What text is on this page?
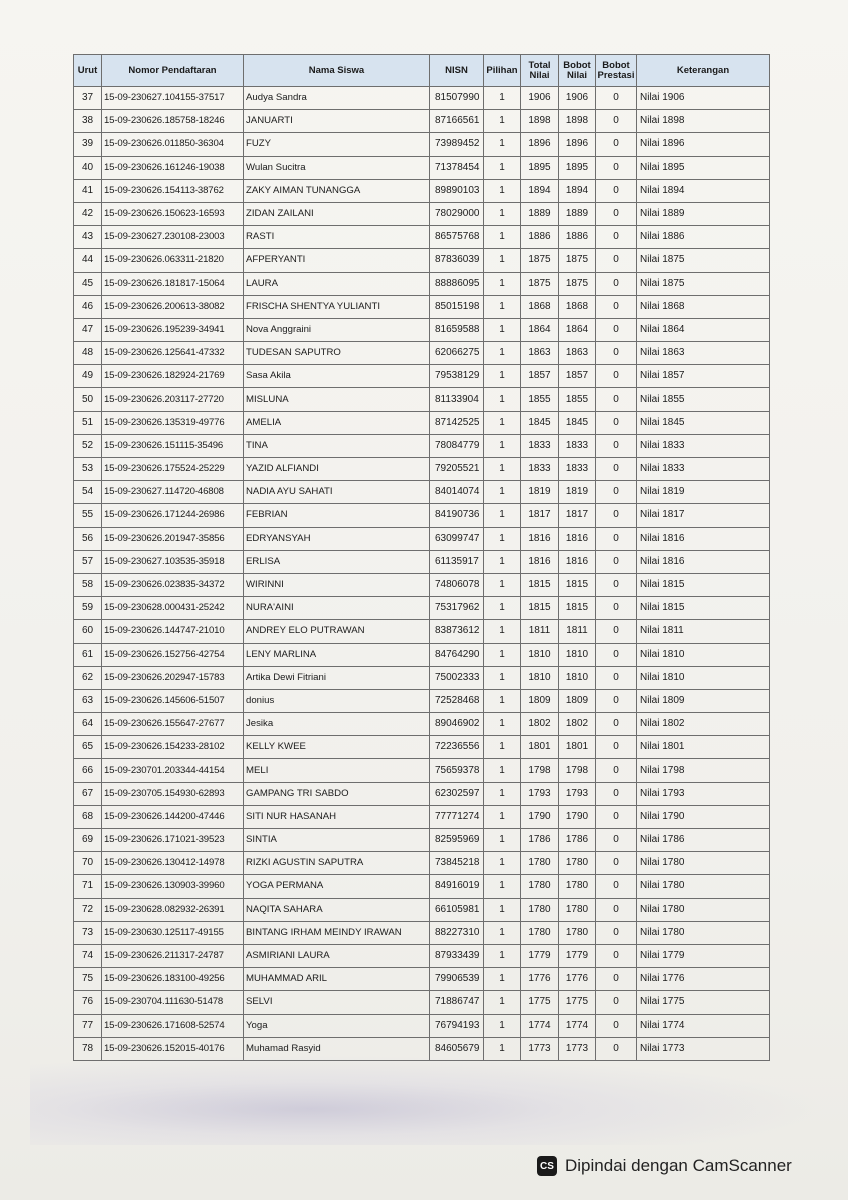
Urut	Nomor Pendaftaran	Nama Siswa	NISN	Pilihan	Total Nilai	Bobot Nilai	Bobot Prestasi	Keterangan
37	15-09-230627.104155-37517	Audya Sandra	81507990	1	1906	1906	0	Nilai 1906
38	15-09-230626.185758-18246	JANUARTI	87166561	1	1898	1898	0	Nilai 1898
39	15-09-230626.011850-36304	FUZY	73989452	1	1896	1896	0	Nilai 1896
40	15-09-230626.161246-19038	Wulan Sucitra	71378454	1	1895	1895	0	Nilai 1895
41	15-09-230626.154113-38762	ZAKY AIMAN TUNANGGA	89890103	1	1894	1894	0	Nilai 1894
42	15-09-230626.150623-16593	ZIDAN ZAILANI	78029000	1	1889	1889	0	Nilai 1889
43	15-09-230627.230108-23003	RASTI	86575768	1	1886	1886	0	Nilai 1886
44	15-09-230626.063311-21820	AFPERYANTI	87836039	1	1875	1875	0	Nilai 1875
45	15-09-230626.181817-15064	LAURA	88886095	1	1875	1875	0	Nilai 1875
46	15-09-230626.200613-38082	FRISCHA SHENTYA YULIANTI	85015198	1	1868	1868	0	Nilai 1868
47	15-09-230626.195239-34941	Nova Anggraini	81659588	1	1864	1864	0	Nilai 1864
48	15-09-230626.125641-47332	TUDESAN SAPUTRO	62066275	1	1863	1863	0	Nilai 1863
49	15-09-230626.182924-21769	Sasa Akila	79538129	1	1857	1857	0	Nilai 1857
50	15-09-230626.203117-27720	MISLUNA	81133904	1	1855	1855	0	Nilai 1855
51	15-09-230626.135319-49776	AMELIA	87142525	1	1845	1845	0	Nilai 1845
52	15-09-230626.151115-35496	TINA	78084779	1	1833	1833	0	Nilai 1833
53	15-09-230626.175524-25229	YAZID ALFIANDI	79205521	1	1833	1833	0	Nilai 1833
54	15-09-230627.114720-46808	NADIA AYU SAHATI	84014074	1	1819	1819	0	Nilai 1819
55	15-09-230626.171244-26986	FEBRIAN	84190736	1	1817	1817	0	Nilai 1817
56	15-09-230626.201947-35856	EDRYANSYAH	63099747	1	1816	1816	0	Nilai 1816
57	15-09-230627.103535-35918	ERLISA	61135917	1	1816	1816	0	Nilai 1816
58	15-09-230626.023835-34372	WIRINNI	74806078	1	1815	1815	0	Nilai 1815
59	15-09-230628.000431-25242	NURA'AINI	75317962	1	1815	1815	0	Nilai 1815
60	15-09-230626.144747-21010	ANDREY ELO PUTRAWAN	83873612	1	1811	1811	0	Nilai 1811
61	15-09-230626.152756-42754	LENY MARLINA	84764290	1	1810	1810	0	Nilai 1810
62	15-09-230626.202947-15783	Artika Dewi Fitriani	75002333	1	1810	1810	0	Nilai 1810
63	15-09-230626.145606-51507	donius	72528468	1	1809	1809	0	Nilai 1809
64	15-09-230626.155647-27677	Jesika	89046902	1	1802	1802	0	Nilai 1802
65	15-09-230626.154233-28102	KELLY KWEE	72236556	1	1801	1801	0	Nilai 1801
66	15-09-230701.203344-44154	MELI	75659378	1	1798	1798	0	Nilai 1798
67	15-09-230705.154930-62893	GAMPANG TRI SABDO	62302597	1	1793	1793	0	Nilai 1793
68	15-09-230626.144200-47446	SITI NUR HASANAH	77771274	1	1790	1790	0	Nilai 1790
69	15-09-230626.171021-39523	SINTIA	82595969	1	1786	1786	0	Nilai 1786
70	15-09-230626.130412-14978	RIZKI AGUSTIN SAPUTRA	73845218	1	1780	1780	0	Nilai 1780
71	15-09-230626.130903-39960	YOGA PERMANA	84916019	1	1780	1780	0	Nilai 1780
72	15-09-230628.082932-26391	NAQITA SAHARA	66105981	1	1780	1780	0	Nilai 1780
73	15-09-230630.125117-49155	BINTANG IRHAM MEINDY IRAWAN	88227310	1	1780	1780	0	Nilai 1780
74	15-09-230626.211317-24787	ASMIRIANI LAURA	87933439	1	1779	1779	0	Nilai 1779
75	15-09-230626.183100-49256	MUHAMMAD ARIL	79906539	1	1776	1776	0	Nilai 1776
76	15-09-230704.111630-51478	SELVI	71886747	1	1775	1775	0	Nilai 1775
77	15-09-230626.171608-52574	Yoga	76794193	1	1774	1774	0	Nilai 1774
78	15-09-230626.152015-40176	Muhamad Rasyid	84605679	1	1773	1773	0	Nilai 1773
CS Dipindai dengan CamScanner
